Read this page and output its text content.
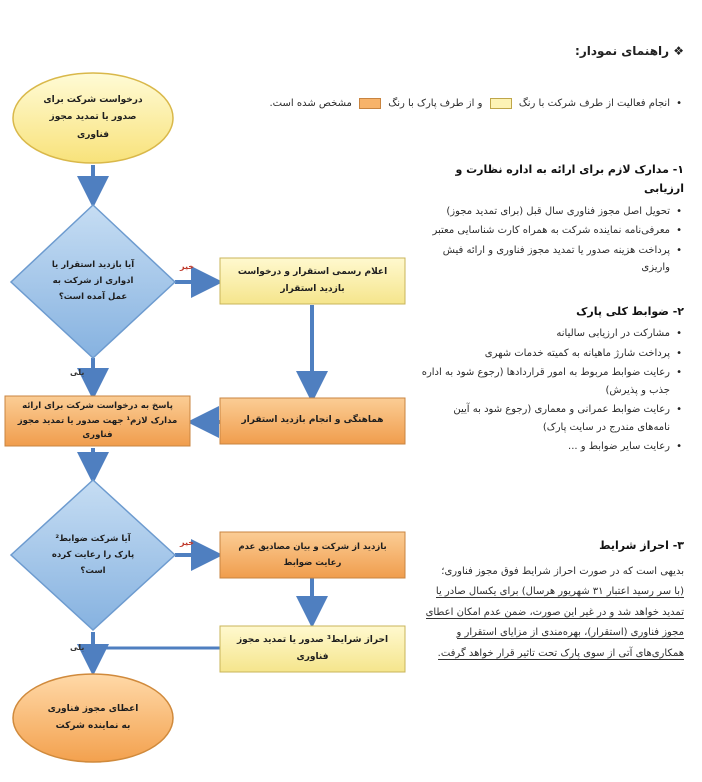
درخواست شرکت برای صدور یا تمدید مجوز فناوری
آیا بازدید استقرار یا ادواری از شرکت به عمل آمده است؟
اعلام رسمی استقرار و درخواست بازدید استقرار
هماهنگی و انجام بازدید استقرار
پاسخ به درخواست شرکت برای ارائه مدارک لازم¹ جهت صدور یا تمدید مجوز فناوری
آیا شرکت ضوابط² پارک را رعایت کرده است؟
بازدید از شرکت و بیان مصادیق عدم رعایت ضوابط
احراز شرایط³ صدور یا تمدید مجوز فناوری
اعطای مجوز فناوری به نماینده شرکت
خیر
بلی
خیر
بلی
❖ راهنمای نمودار:
• انجام فعالیت از طرف شرکت با رنگ  و از طرف پارک با رنگ  مشخص شده است.
۱- مدارک لازم برای ارائه به اداره نظارت و ارزیابی
• تحویل اصل مجوز فناوری سال قبل (برای تمدید مجوز)
• معرفی‌نامه نماینده شرکت به همراه کارت شناسایی معتبر
• پرداخت هزینه صدور یا تمدید مجوز فناوری و ارائه فیش واریزی
۲- ضوابط کلی پارک
• مشارکت در ارزیابی سالیانه
• پرداخت شارژ ماهیانه به کمیته خدمات شهری
• رعایت ضوابط مربوط به امور قراردادها (رجوع شود به اداره جذب و پذیرش)
• رعایت ضوابط عمرانی و معماری (رجوع شود به آیین نامه‌های مندرج در سایت پارک)
• رعایت سایر ضوابط و ...
۳- احراز شرایط
بدیهی است که در صورت احراز شرایط فوق مجوز فناوری؛

(با سر رسید اعتبار ۳۱ شهریور هرسال) برای یکسال صادر یا تمدید خواهد شد و در غیر این صورت، ضمن عدم امکان اعطای مجوز فناوری (استقرار)، بهره‌مندی از مزایای استقرار و همکاری‌های آتی از سوی پارک تحت تاثیر قرار خواهد گرفت.
